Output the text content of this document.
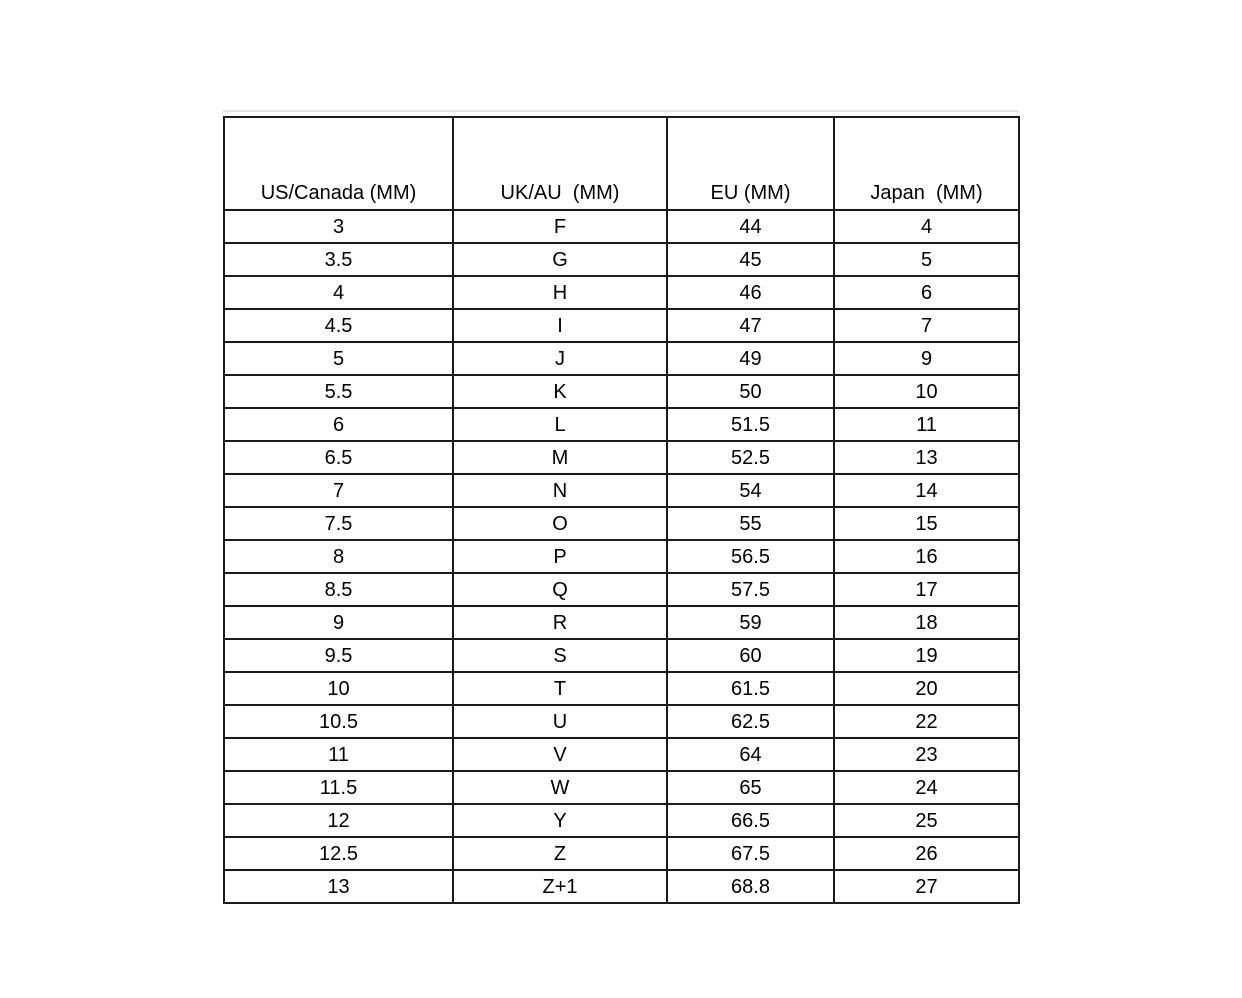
US/Canada (MM)	UK/AU  (MM)	EU (MM)	Japan  (MM)
3	F	44	4
3.5	G	45	5
4	H	46	6
4.5	I	47	7
5	J	49	9
5.5	K	50	10
6	L	51.5	11
6.5	M	52.5	13
7	N	54	14
7.5	O	55	15
8	P	56.5	16
8.5	Q	57.5	17
9	R	59	18
9.5	S	60	19
10	T	61.5	20
10.5	U	62.5	22
11	V	64	23
11.5	W	65	24
12	Y	66.5	25
12.5	Z	67.5	26
13	Z+1	68.8	27
